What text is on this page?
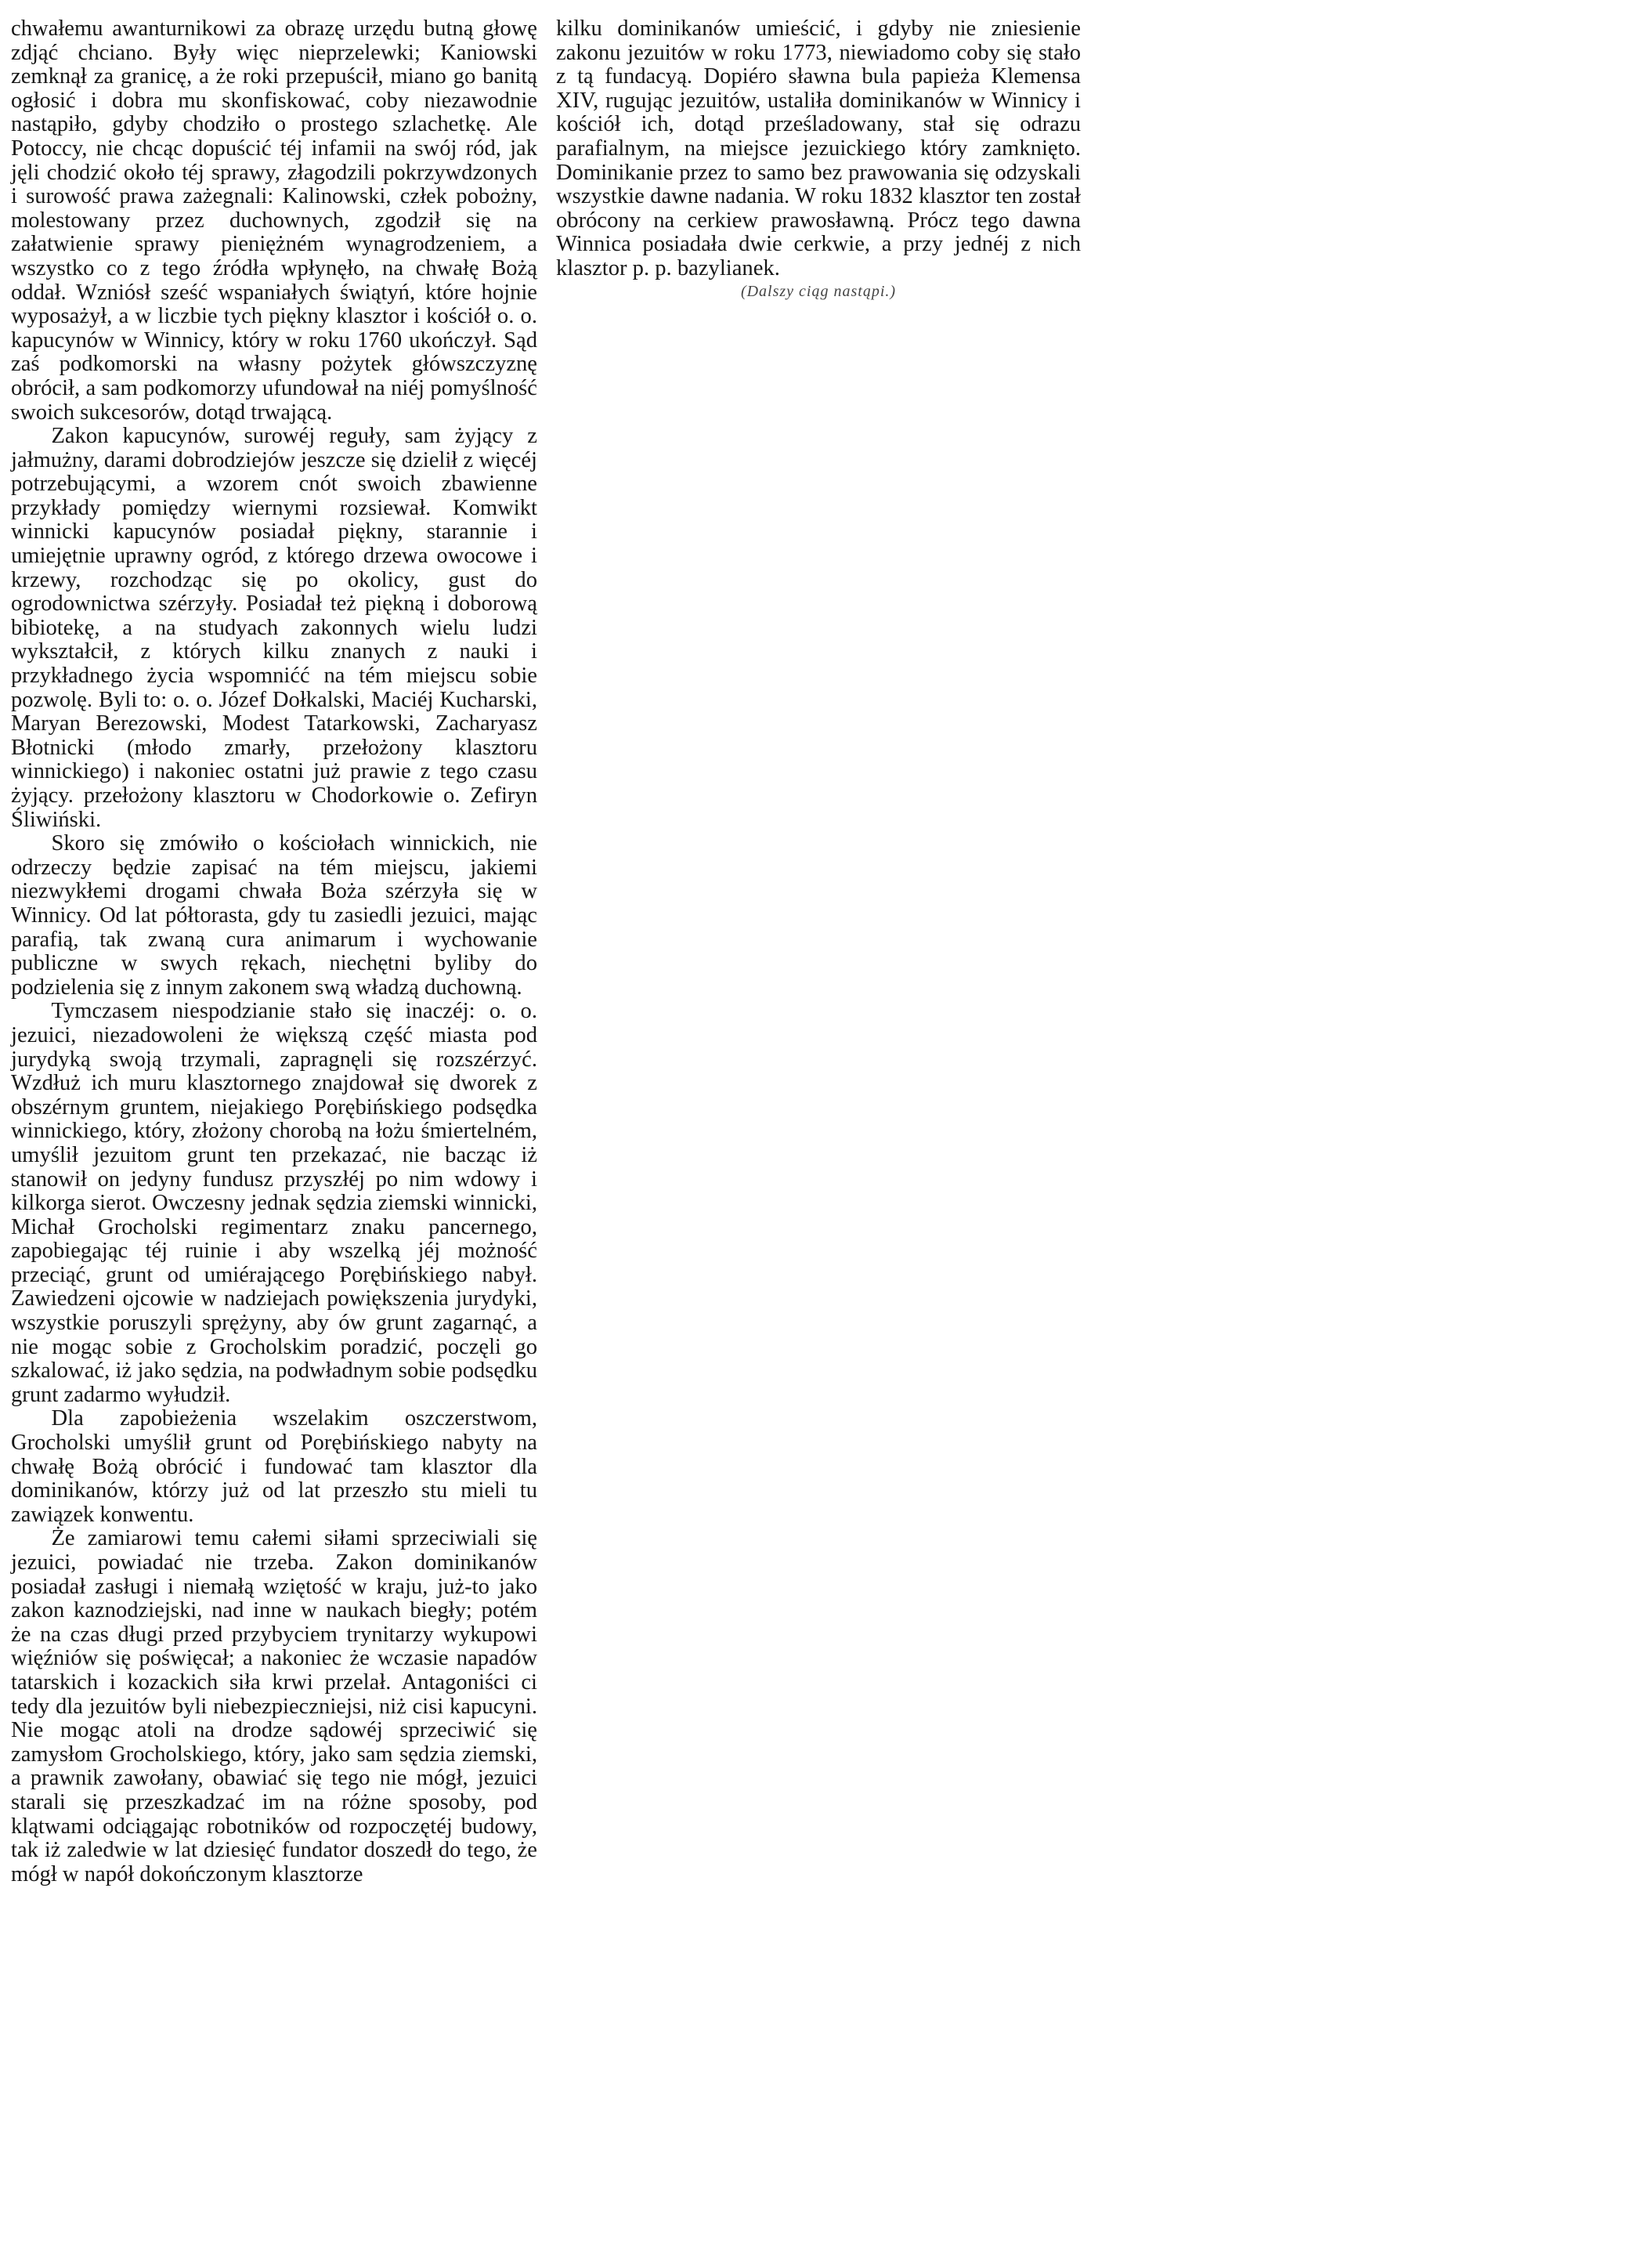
chwałemu awanturnikowi za obrazę urzędu butną głowę zdjąć chciano. Były więc nieprzelewki; Kaniowski zemknął za granicę, a że roki przepuścił, miano go banitą ogłosić i dobra mu skonfiskować, coby niezawodnie nastąpiło, gdyby chodziło o prostego szlachetkę. Ale Potoccy, nie chcąc dopuścić téj infamii na swój ród, jak jęli chodzić około téj sprawy, złagodzili pokrzywdzonych i surowość prawa zażegnali: Kalinowski, człek pobożny, molestowany przez duchownych, zgodził się na załatwienie sprawy pieniężném wynagrodzeniem, a wszystko co z tego źródła wpłynęło, na chwałę Bożą oddał. Wzniósł sześć wspaniałych świątyń, które hojnie wyposażył, a w liczbie tych piękny klasztor i kościół o. o. kapucynów w Winnicy, który w roku 1760 ukończył. Sąd zaś podkomorski na własny pożytek główszczyznę obrócił, a sam podkomorzy ufundował na niéj pomyślność swoich sukcesorów, dotąd trwającą.

Zakon kapucynów, surowéj reguły, sam żyjący z jałmużny, darami dobrodziejów jeszcze się dzielił z więcéj potrzebującymi, a wzorem cnót swoich zbawienne przykłady pomiędzy wiernymi rozsiewał. Komwikt winnicki kapucynów posiadał piękny, starannie i umiejętnie uprawny ogród, z którego drzewa owocowe i krzewy, rozchodząc się po okolicy, gust do ogrodownictwa szérzyły. Posiadał też piękną i doborową bibiotekę, a na studyach zakonnych wielu ludzi wykształcił, z których kilku znanych z nauki i przykładnego życia wspomnićć na tém miejscu sobie pozwolę. Byli to: o. o. Józef Dołkalski, Maciéj Kucharski, Maryan Berezowski, Modest Tatarkowski, Zacharyasz Błotnicki (młodo zmarły, przełożony klasztoru winnickiego) i nakoniec ostatni już prawie z tego czasu żyjący. przełożony klasztoru w Chodorkowie o. Zefiryn Śliwiński.

Skoro się zmówiło o kościołach winnickich, nie odrzeczy będzie zapisać na tém miejscu, jakiemi niezwykłemi drogami chwała Boża szérzyła się w Winnicy. Od lat półtorasta, gdy tu zasiedli jezuici, mając parafią, tak zwaną cura animarum i wychowanie publiczne w swych rękach, niechętni byliby do podzielenia się z innym zakonem swą władzą duchowną.

Tymczasem niespodzianie stało się inaczéj: o. o. jezuici, niezadowoleni że większą część miasta pod jurydyką swoją trzymali, zapragnęli się rozszérzyć. Wzdłuż ich muru klasztornego znajdował się dworek z obszérnym gruntem, niejakiego Porębińskiego podsędka winnickiego, który, złożony chorobą na łożu śmiertelném, umyślił jezuitom grunt ten przekazać, nie bacząc iż stanowił on jedyny fundusz przyszłéj po nim wdowy i kilkorga sierot. Owczesny jednak sędzia ziemski winnicki, Michał Grocholski regimentarz znaku pancernego, zapobiegając téj ruinie i aby wszelką jéj możność przeciąć, grunt od umiérającego Porębińskiego nabył. Zawiedzeni ojcowie w nadziejach powiększenia jurydyki, wszystkie poruszyli sprężyny, aby ów grunt zagarnąć, a nie mogąc sobie z Grocholskim poradzić, poczęli go szkalować, iż jako sędzia, na podwładnym sobie podsędku grunt zadarmo wyłudził.

Dla zapobieżenia wszelakim oszczerstwom, Grocholski umyślił grunt od Porębińskiego nabyty na chwałę Bożą obrócić i fundować tam klasztor dla dominikanów, którzy już od lat przeszło stu mieli tu zawiązek konwentu.

Że zamiarowi temu całemi siłami sprzeciwiali się jezuici, powiadać nie trzeba. Zakon dominikanów posiadał zasługi i niemałą wziętość w kraju, już-to jako zakon kaznodziejski, nad inne w naukach biegły; potém że na czas długi przed przybyciem trynitarzy wykupowi więźniów się poświęcał; a nakoniec że wczasie napadów tatarskich i kozackich siła krwi przelał. Antagoniści ci tedy dla jezuitów byli niebezpieczniejsi, niż cisi kapucyni. Nie mogąc atoli na drodze sądowéj sprzeciwić się zamysłom Grocholskiego, który, jako sam sędzia ziemski, a prawnik zawołany, obawiać się tego nie mógł, jezuici starali się przeszkadzać im na różne sposoby, pod klątwami odciągając robotników od rozpoczętéj budowy, tak iż zaledwie w lat dziesięć fundator doszedł do tego, że mógł w napół dokończonym klasztorze

kilku dominikanów umieścić, i gdyby nie zniesienie zakonu jezuitów w roku 1773, niewiadomo coby się stało z tą fundacyą. Dopiéro sławna bula papieża Klemensa XIV, rugując jezuitów, ustaliła dominikanów w Winnicy i kościół ich, dotąd prześladowany, stał się odrazu parafialnym, na miejsce jezuickiego który zamknięto. Dominikanie przez to samo bez prawowania się odzyskali wszystkie dawne nadania. W roku 1832 klasztor ten został obrócony na cerkiew prawosławną. Prócz tego dawna Winnica posiadała dwie cerkwie, a przy jednéj z nich klasztor p. p. bazylianek.

(Dalszy ciąg nastąpi.)
